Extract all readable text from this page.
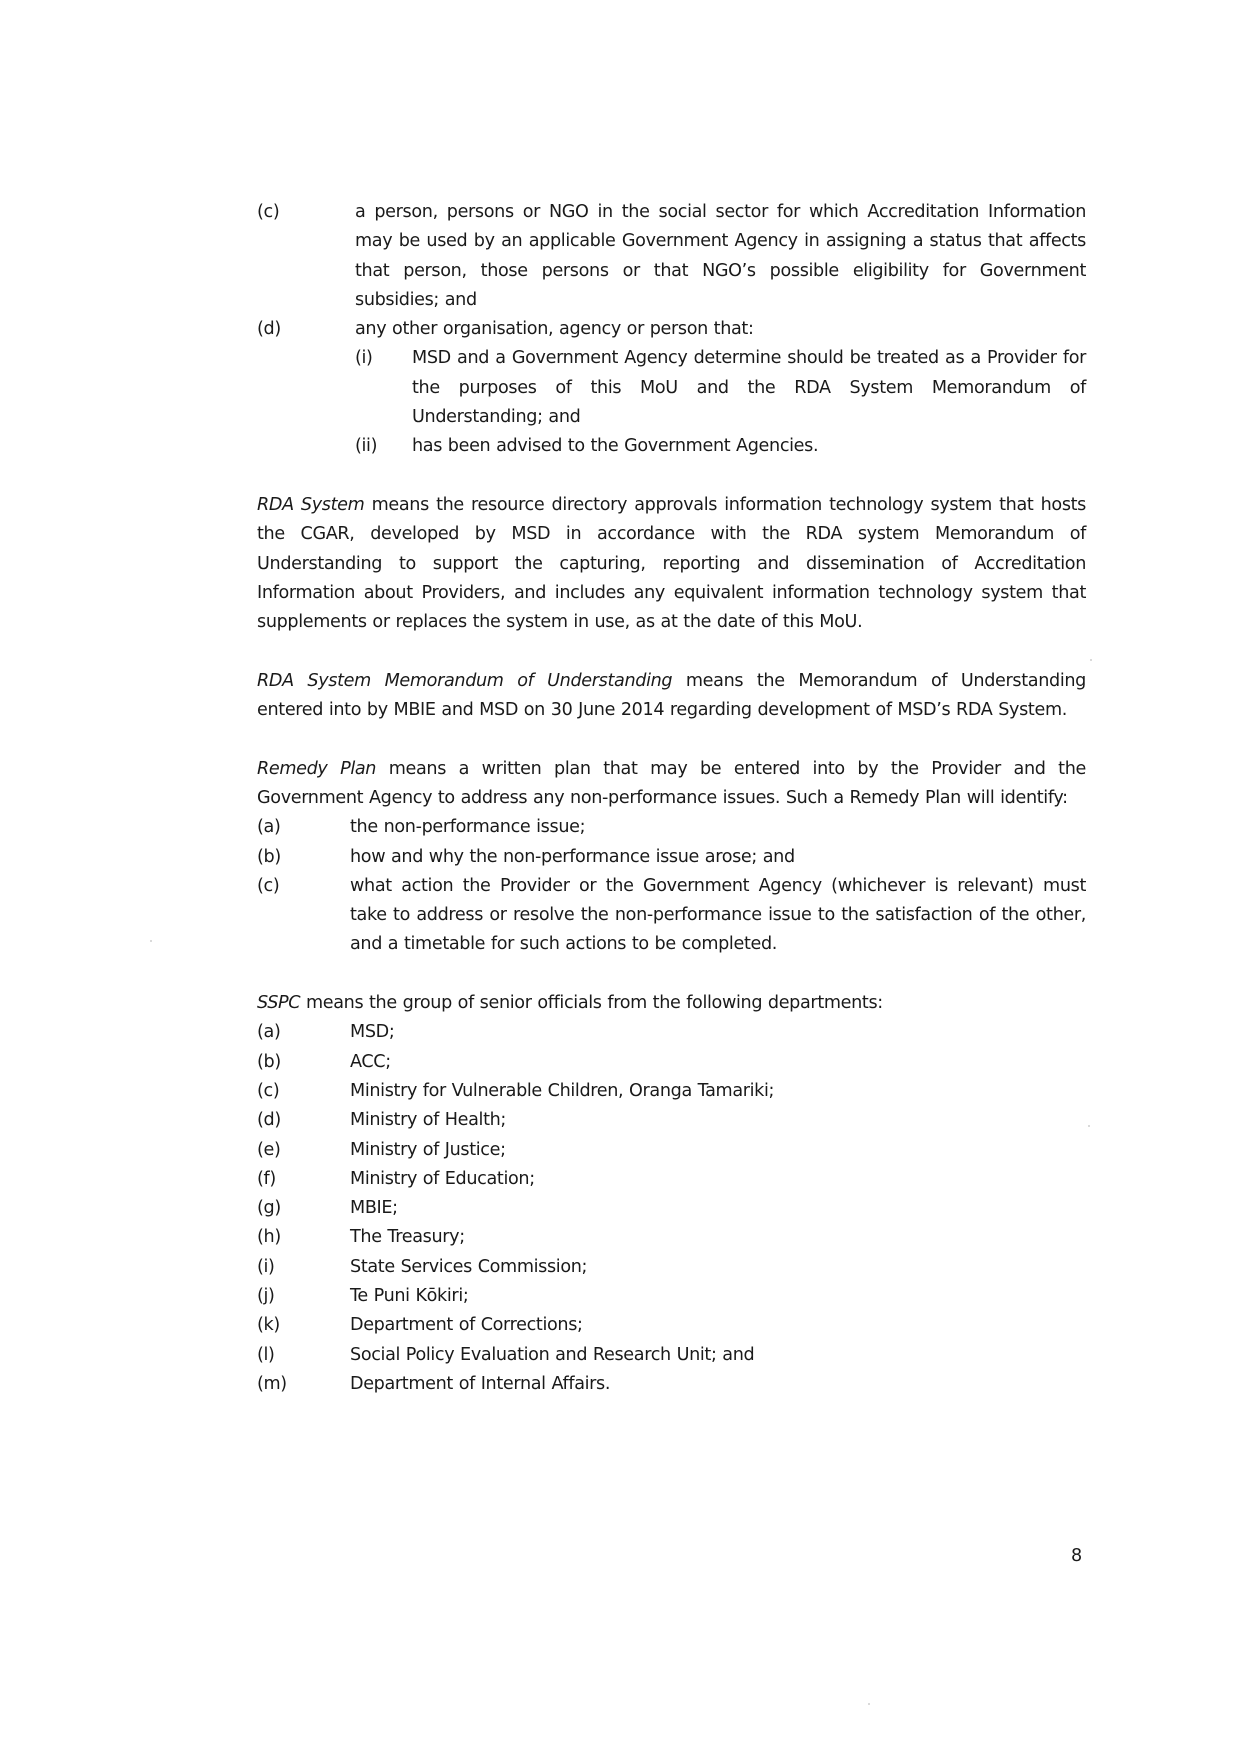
(c)	a person, persons or NGO in the social sector for which Accreditation Information may be used by an applicable Government Agency in assigning a status that affects that person, those persons or that NGO’s possible eligibility for Government subsidies; and
(d)	any other organisation, agency or person that:
(i)	MSD and a Government Agency determine should be treated as a Provider for the purposes of this MoU and the RDA System Memorandum of Understanding; and
(ii)	has been advised to the Government Agencies.

RDA System means the resource directory approvals information technology system that hosts the CGAR, developed by MSD in accordance with the RDA system Memorandum of Understanding to support the capturing, reporting and dissemination of Accreditation Information about Providers, and includes any equivalent information technology system that supplements or replaces the system in use, as at the date of this MoU.

RDA System Memorandum of Understanding means the Memorandum of Understanding entered into by MBIE and MSD on 30 June 2014 regarding development of MSD’s RDA System.

Remedy Plan means a written plan that may be entered into by the Provider and the Government Agency to address any non-performance issues. Such a Remedy Plan will identify:

(a)	the non-performance issue;
(b)	how and why the non-performance issue arose; and
(c)	what action the Provider or the Government Agency (whichever is relevant) must take to address or resolve the non-performance issue to the satisfaction of the other, and a timetable for such actions to be completed.

SSPC means the group of senior officials from the following departments:

(a)	MSD;
(b)	ACC;
(c)	Ministry for Vulnerable Children, Oranga Tamariki;
(d)	Ministry of Health;
(e)	Ministry of Justice;
(f)	Ministry of Education;
(g)	MBIE;
(h)	The Treasury;
(i)	State Services Commission;
(j)	Te Puni Kōkiri;
(k)	Department of Corrections;
(l)	Social Policy Evaluation and Research Unit; and
(m)	Department of Internal Affairs.
8
